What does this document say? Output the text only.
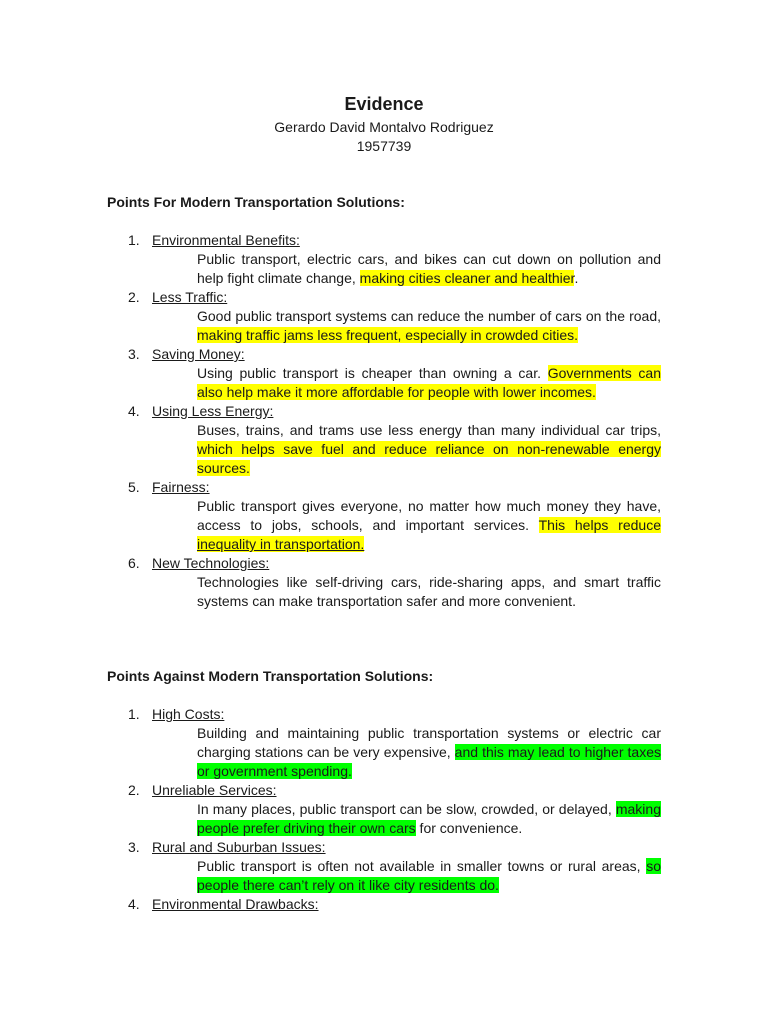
Evidence
Gerardo David Montalvo Rodriguez
1957739
Points For Modern Transportation Solutions:
1. Environmental Benefits:
Public transport, electric cars, and bikes can cut down on pollution and help fight climate change, making cities cleaner and healthier.
2. Less Traffic:
Good public transport systems can reduce the number of cars on the road, making traffic jams less frequent, especially in crowded cities.
3. Saving Money:
Using public transport is cheaper than owning a car. Governments can also help make it more affordable for people with lower incomes.
4. Using Less Energy:
Buses, trains, and trams use less energy than many individual car trips, which helps save fuel and reduce reliance on non-renewable energy sources.
5. Fairness:
Public transport gives everyone, no matter how much money they have, access to jobs, schools, and important services. This helps reduce inequality in transportation.
6. New Technologies:
Technologies like self-driving cars, ride-sharing apps, and smart traffic systems can make transportation safer and more convenient.
Points Against Modern Transportation Solutions:
1. High Costs:
Building and maintaining public transportation systems or electric car charging stations can be very expensive, and this may lead to higher taxes or government spending.
2. Unreliable Services:
In many places, public transport can be slow, crowded, or delayed, making people prefer driving their own cars for convenience.
3. Rural and Suburban Issues:
Public transport is often not available in smaller towns or rural areas, so people there can’t rely on it like city residents do.
4. Environmental Drawbacks:
